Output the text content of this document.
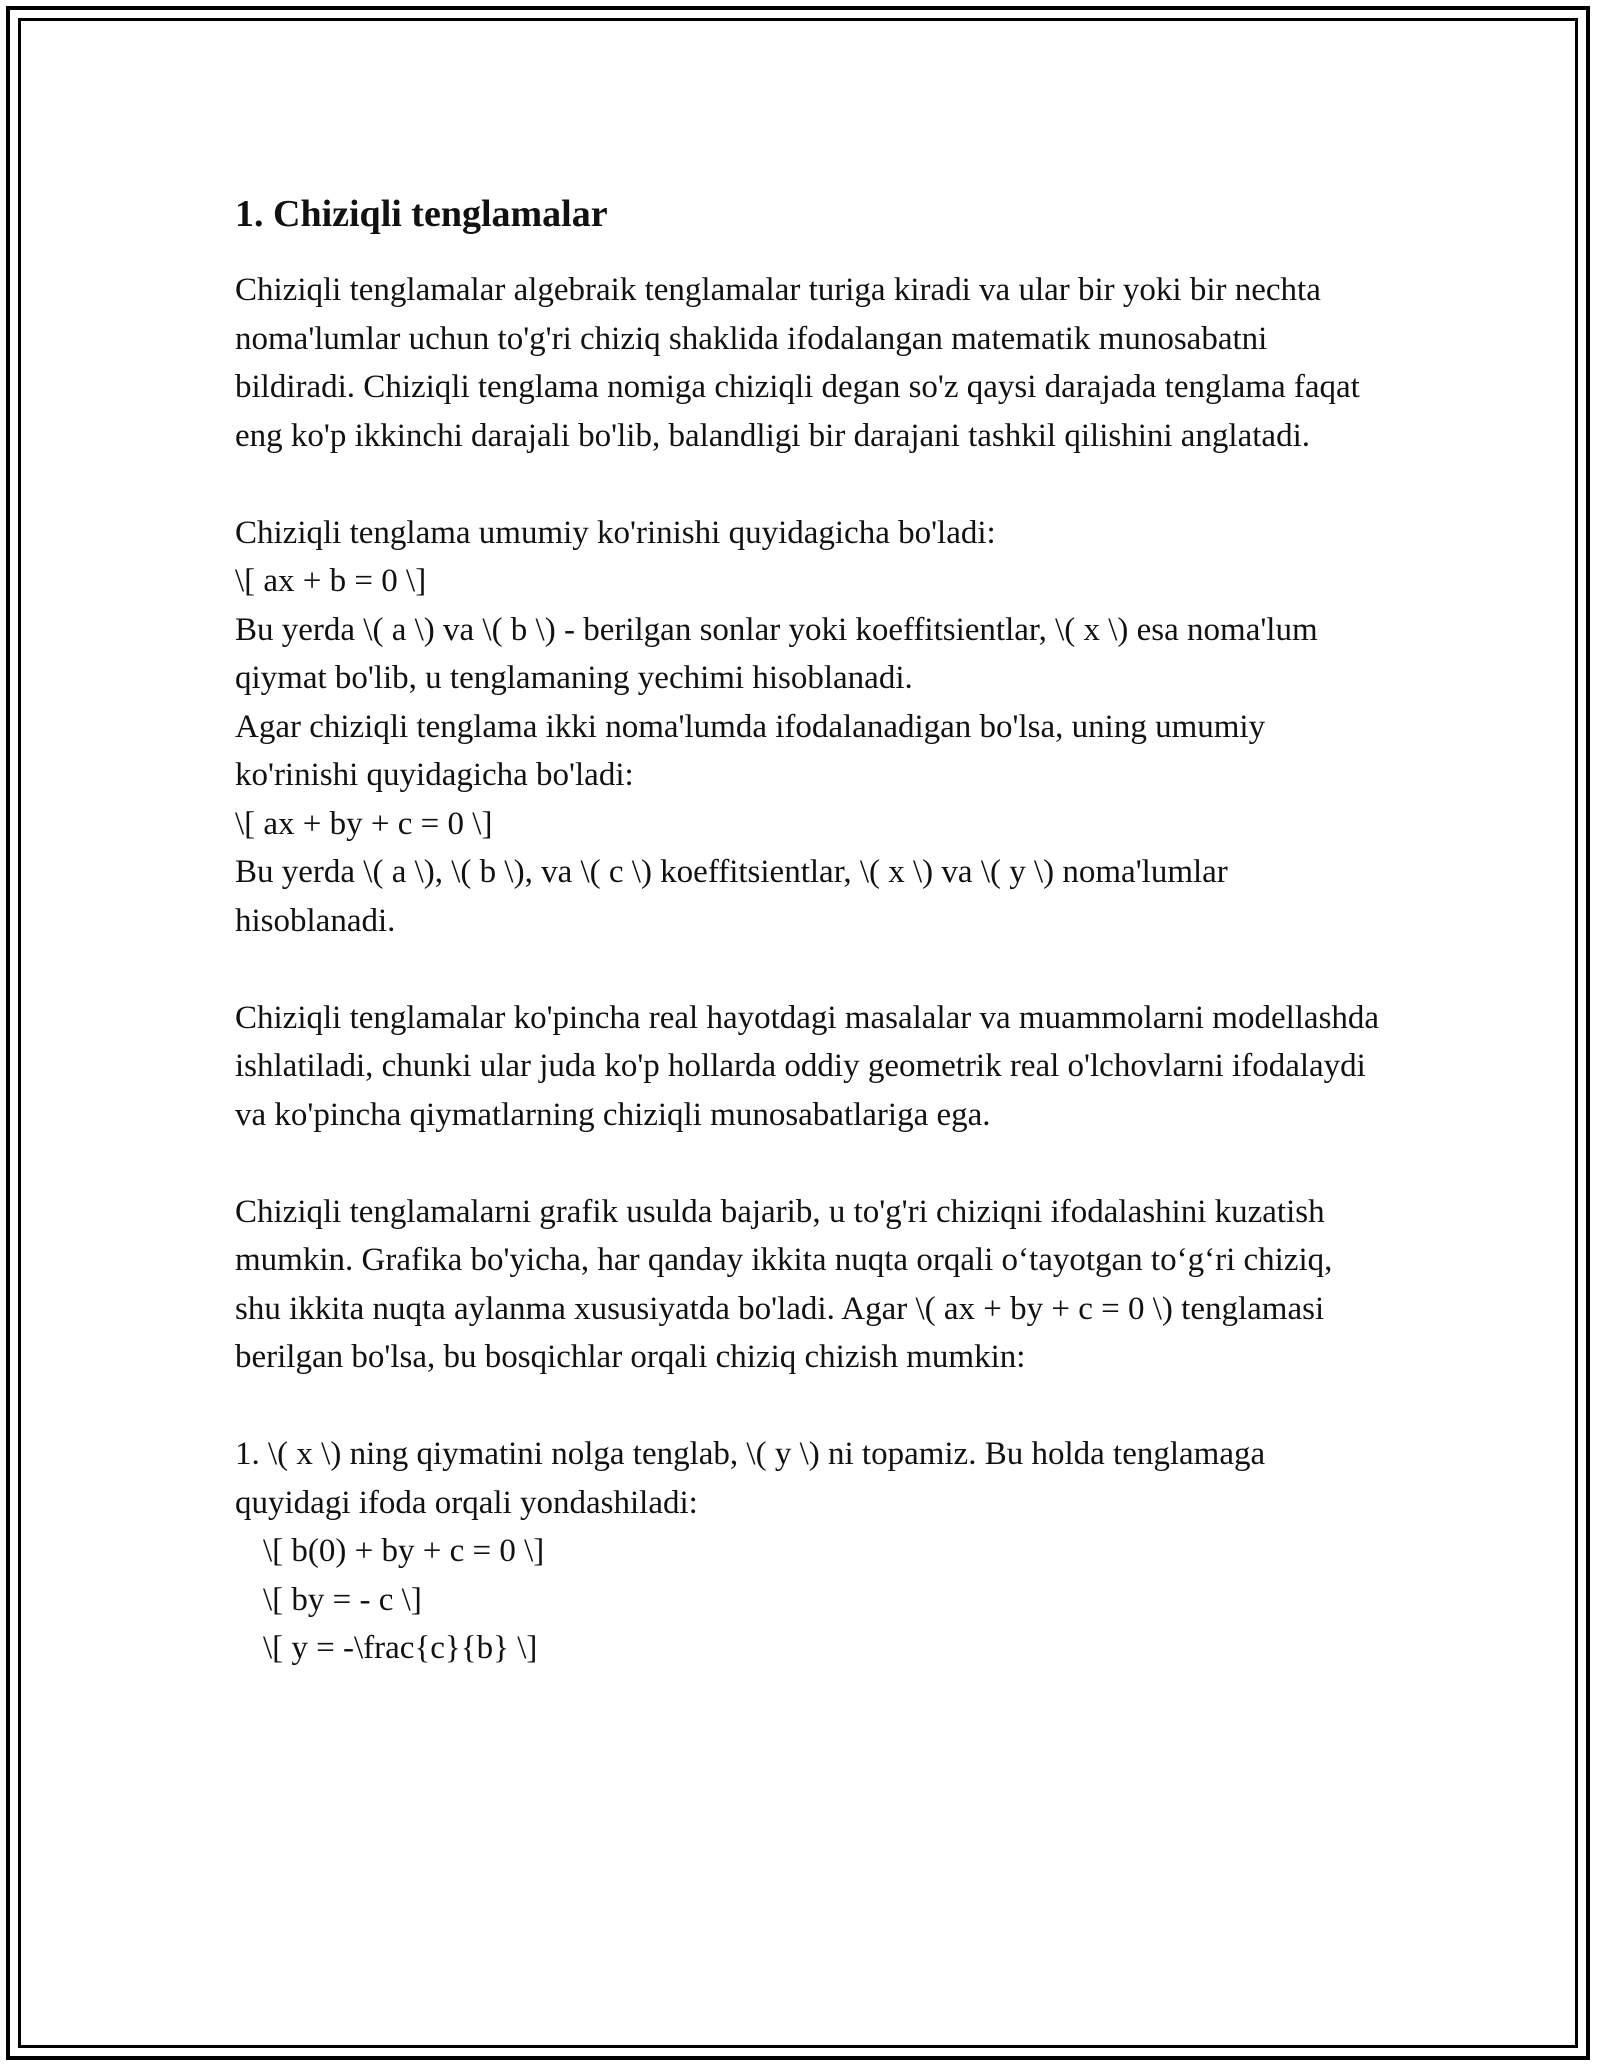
1. Chiziqli tenglamalar

Chiziqli tenglamalar algebraik tenglamalar turiga kiradi va ular bir yoki bir nechta noma'lumlar uchun to'g'ri chiziq shaklida ifodalangan matematik munosabatni bildiradi. Chiziqli tenglama nomiga chiziqli degan so'z qaysi darajada tenglama faqat eng ko'p ikkinchi darajali bo'lib, balandligi bir darajani tashkil qilishini anglatadi.

Chiziqli tenglama umumiy ko'rinishi quyidagicha bo'ladi:

\[ ax + b = 0 \]

Bu yerda \( a \) va \( b \) - berilgan sonlar yoki koeffitsientlar, \( x \) esa noma'lum qiymat bo'lib, u tenglamaning yechimi hisoblanadi.

Agar chiziqli tenglama ikki noma'lumda ifodalanadigan bo'lsa, uning umumiy ko'rinishi quyidagicha bo'ladi:

\[ ax + by + c = 0 \]

Bu yerda \( a \), \( b \), va \( c \) koeffitsientlar, \( x \) va \( y \) noma'lumlar hisoblanadi.

Chiziqli tenglamalar ko'pincha real hayotdagi masalalar va muammolarni modellashda ishlatiladi, chunki ular juda ko'p hollarda oddiy geometrik real o'lchovlarni ifodalaydi va ko'pincha qiymatlarning chiziqli munosabatlariga ega.

Chiziqli tenglamalarni grafik usulda bajarib, u to'g'ri chiziqni ifodalashini kuzatish mumkin. Grafika bo'yicha, har qanday ikkita nuqta orqali o‘tayotgan to‘g‘ri chiziq, shu ikkita nuqta aylanma xususiyatda bo'ladi. Agar \( ax + by + c = 0 \) tenglamasi berilgan bo'lsa, bu bosqichlar orqali chiziq chizish mumkin:

1. \( x \) ning qiymatini nolga tenglab, \( y \) ni topamiz. Bu holda tenglamaga quyidagi ifoda orqali yondashiladi:

\[ b(0) + by + c = 0 \]

\[ by = - c \]

\[ y = -\frac{c}{b} \]
